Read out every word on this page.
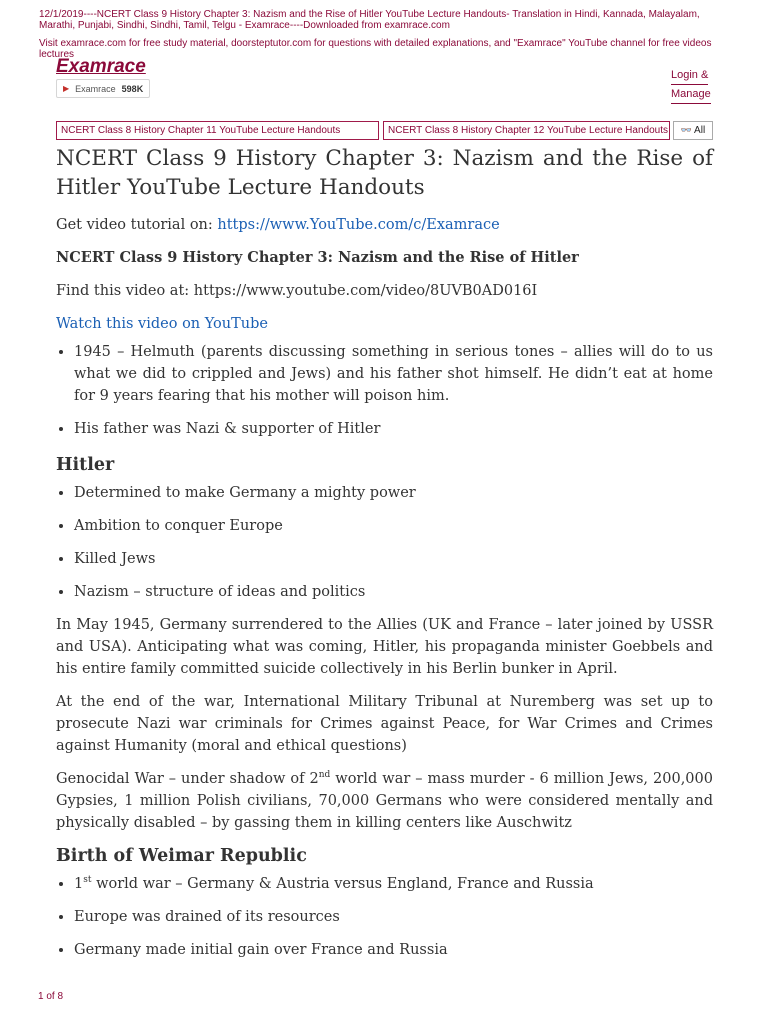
12/1/2019----NCERT Class 9 History Chapter 3: Nazism and the Rise of Hitler YouTube Lecture Handouts- Translation in Hindi, Kannada, Malayalam, Marathi, Punjabi, Sindhi, Sindhi, Tamil, Telgu - Examrace----Downloaded from examrace.com
Visit examrace.com for free study material, doorsteptutor.com for questions with detailed explanations, and "Examrace" YouTube channel for free videos lectures
Examrace
▶ Examrace 598K
Login &
Manage
NCERT Class 8 History Chapter 11 YouTube Lecture Handouts	NCERT Class 8 History Chapter 12 YouTube Lecture Handouts 👓 All
NCERT Class 9 History Chapter 3: Nazism and the Rise of Hitler YouTube Lecture Handouts

Get video tutorial on: https://www.YouTube.com/c/Examrace

NCERT Class 9 History Chapter 3: Nazism and the Rise of Hitler

Find this video at: https://www.youtube.com/video/8UVB0AD016I

Watch this video on YouTube

• 1945 – Helmuth (parents discussing something in serious tones – allies will do to us what we did to crippled and Jews) and his father shot himself. He didn’t eat at home for 9 years fearing that his mother will poison him.
• His father was Nazi & supporter of Hitler
Hitler
• Determined to make Germany a mighty power
• Ambition to conquer Europe
• Killed Jews
• Nazism – structure of ideas and politics

In May 1945, Germany surrendered to the Allies (UK and France – later joined by USSR and USA). Anticipating what was coming, Hitler, his propaganda minister Goebbels and his entire family committed suicide collectively in his Berlin bunker in April.

At the end of the war, International Military Tribunal at Nuremberg was set up to prosecute Nazi war criminals for Crimes against Peace, for War Crimes and Crimes against Humanity (moral and ethical questions)

Genocidal War – under shadow of 2nd world war – mass murder - 6 million Jews, 200,000 Gypsies, 1 million Polish civilians, 70,000 Germans who were considered mentally and physically disabled – by gassing them in killing centers like Auschwitz

Birth of Weimar Republic
• 1st world war – Germany & Austria versus England, France and Russia
• Europe was drained of its resources
• Germany made initial gain over France and Russia
1 of 8
